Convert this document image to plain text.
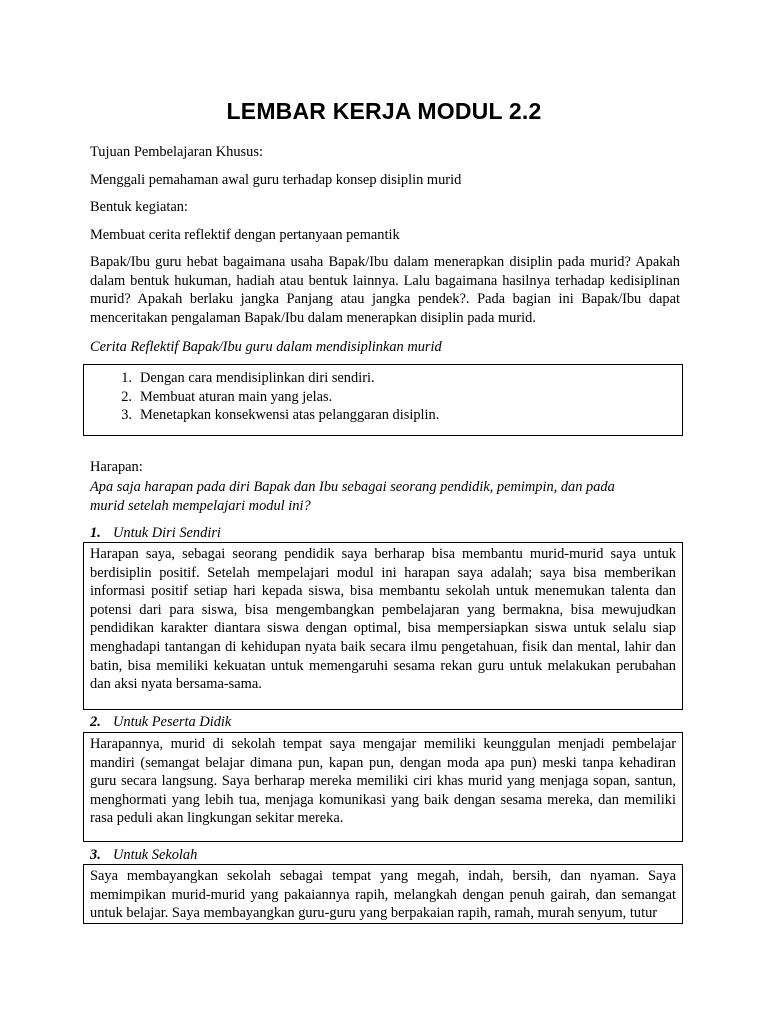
LEMBAR KERJA MODUL 2.2

Tujuan Pembelajaran Khusus:

Menggali pemahaman awal guru terhadap konsep disiplin murid

Bentuk kegiatan:

Membuat cerita reflektif dengan pertanyaan pemantik

Bapak/Ibu guru hebat bagaimana usaha Bapak/Ibu dalam menerapkan disiplin pada murid? Apakah dalam bentuk hukuman, hadiah atau bentuk lainnya. Lalu bagaimana hasilnya terhadap kedisiplinan murid? Apakah berlaku jangka Panjang atau jangka pendek?. Pada bagian ini Bapak/Ibu dapat menceritakan pengalaman Bapak/Ibu dalam menerapkan disiplin pada murid.

Cerita Reflektif Bapak/Ibu guru dalam mendisiplinkan murid

1. Dengan cara mendisiplinkan diri sendiri.
2. Membuat aturan main yang jelas.
3. Menetapkan konsekwensi atas pelanggaran disiplin.

Harapan:

Apa saja harapan pada diri Bapak dan Ibu sebagai seorang pendidik, pemimpin, dan pada murid setelah mempelajari modul ini?

1. Untuk Diri Sendiri

Harapan saya, sebagai seorang pendidik saya berharap bisa membantu murid-murid saya untuk berdisiplin positif. Setelah mempelajari modul ini harapan saya adalah; saya bisa memberikan informasi positif setiap hari kepada siswa, bisa membantu sekolah untuk menemukan talenta dan potensi dari para siswa, bisa mengembangkan pembelajaran yang bermakna, bisa mewujudkan pendidikan karakter diantara siswa dengan optimal, bisa mempersiapkan siswa untuk selalu siap menghadapi tantangan di kehidupan nyata baik secara ilmu pengetahuan, fisik dan mental, lahir dan batin, bisa memiliki kekuatan untuk memengaruhi sesama rekan guru untuk melakukan perubahan dan aksi nyata bersama-sama.

2. Untuk Peserta Didik

Harapannya, murid di sekolah tempat saya mengajar memiliki keunggulan menjadi pembelajar mandiri (semangat belajar dimana pun, kapan pun, dengan moda apa pun) meski tanpa kehadiran guru secara langsung. Saya berharap mereka memiliki ciri khas murid yang menjaga sopan, santun, menghormati yang lebih tua, menjaga komunikasi yang baik dengan sesama mereka, dan memiliki rasa peduli akan lingkungan sekitar mereka.

3. Untuk Sekolah

Saya membayangkan sekolah sebagai tempat yang megah, indah, bersih, dan nyaman. Saya memimpikan murid-murid yang pakaiannya rapih, melangkah dengan penuh gairah, dan semangat untuk belajar. Saya membayangkan guru-guru yang berpakaian rapih, ramah, murah senyum, tutur
